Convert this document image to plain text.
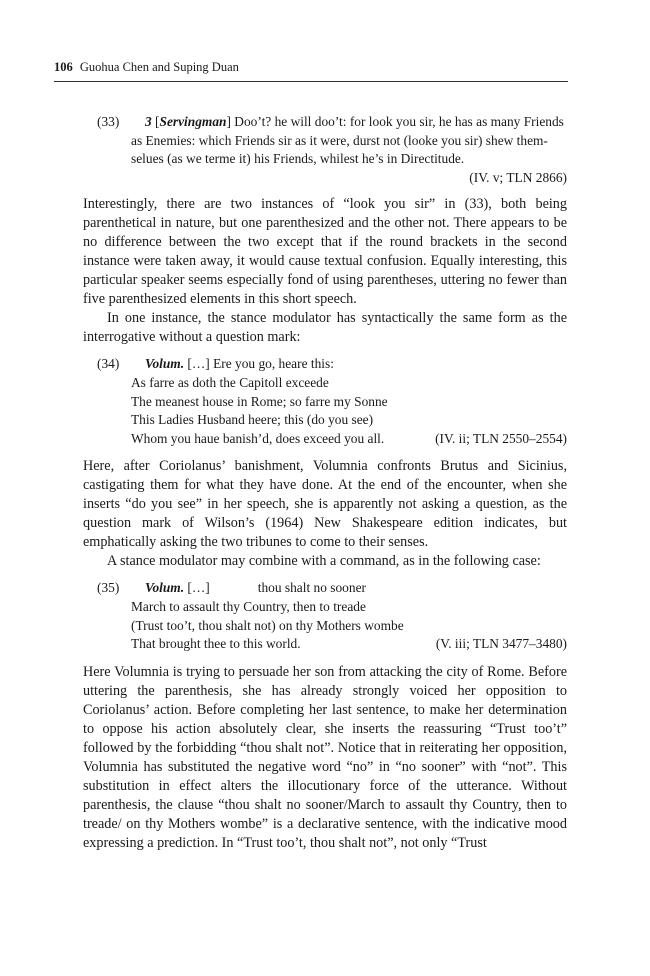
106 Guohua Chen and Suping Duan
(33)	3 [Servingman] Doo’t? he will doo’t: for look you sir, he has as many Friends
as Enemies: which Friends sir as it were, durst not (looke you sir) shew them-
selues (as we terme it) his Friends, whilest he’s in Directitude.
(IV. v; TLN 2866)

Interestingly, there are two instances of “look you sir” in (33), both being parenthetical in nature, but one parenthesized and the other not. There appears to be no difference between the two except that if the round brackets in the second instance were taken away, it would cause textual confusion. Equally interesting, this particular speaker seems especially fond of using parentheses, uttering no fewer than five parenthesized elements in this short speech.

In one instance, the stance modulator has syntactically the same form as the interrogative without a question mark:

(34)	Volum. […] Ere you go, heare this:
As farre as doth the Capitoll exceede
The meanest house in Rome; so farre my Sonne
This Ladies Husband heere; this (do you see)
Whom you haue banish’d, does exceed you all.	(IV. ii; TLN 2550–2554)

Here, after Coriolanus’ banishment, Volumnia confronts Brutus and Sicinius, castigating them for what they have done. At the end of the encounter, when she inserts “do you see” in her speech, she is apparently not asking a question, as the question mark of Wilson’s (1964) New Shakespeare edition indicates, but emphatically asking the two tribunes to come to their senses.

A stance modulator may combine with a command, as in the following case:

(35)	Volum. […]	thou shalt no sooner
March to assault thy Country, then to treade
(Trust too’t, thou shalt not) on thy Mothers wombe
That brought thee to this world.	(V. iii; TLN 3477–3480)

Here Volumnia is trying to persuade her son from attacking the city of Rome. Before uttering the parenthesis, she has already strongly voiced her opposition to Coriolanus’ action. Before completing her last sentence, to make her determination to oppose his action absolutely clear, she inserts the reassuring “Trust too’t” followed by the forbidding “thou shalt not”. Notice that in reiterating her opposition, Volumnia has substituted the negative word “no” in “no sooner” with “not”. This substitution in effect alters the illocutionary force of the utterance. Without parenthesis, the clause “thou shalt no sooner/March to assault thy Country, then to treade/ on thy Mothers wombe” is a declarative sentence, with the indicative mood expressing a prediction. In “Trust too’t, thou shalt not”, not only “Trust
